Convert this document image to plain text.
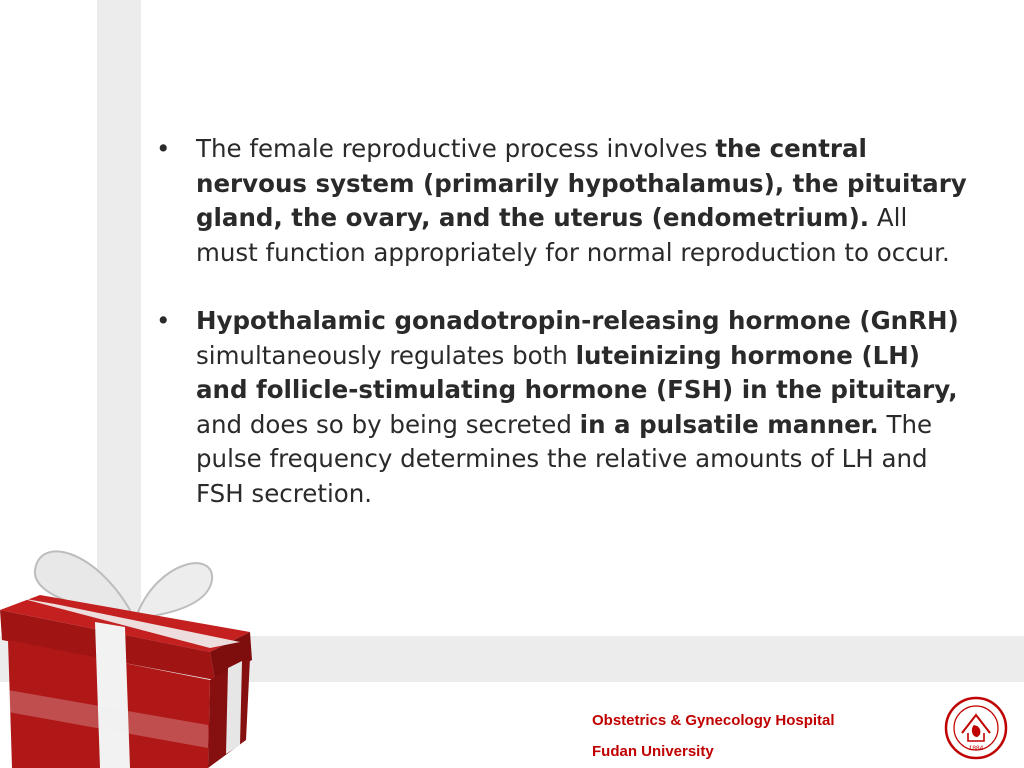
•	The female reproductive process involves the central nervous system (primarily hypothalamus), the pituitary gland, the ovary, and the uterus (endometrium). All must function appropriately for normal reproduction to occur.
•	Hypothalamic gonadotropin-releasing hormone (GnRH) simultaneously regulates both luteinizing hormone (LH) and follicle-stimulating hormone (FSH) in the pituitary, and does so by being secreted in a pulsatile manner. The pulse frequency determines the relative amounts of LH and FSH secretion.
Obstetrics & Gynecology Hospital
Fudan University	1884
